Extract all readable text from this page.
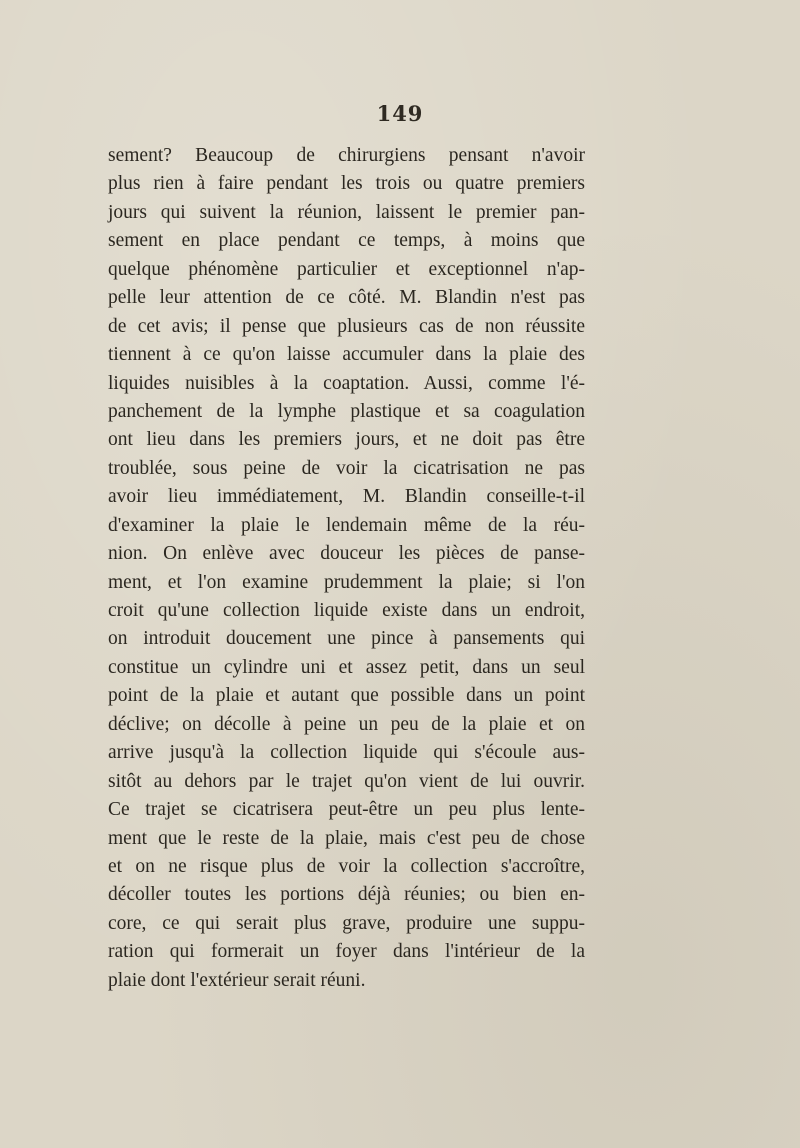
149
sement? Beaucoup de chirurgiens pensant n'avoir
plus rien à faire pendant les trois ou quatre premiers
jours qui suivent la réunion, laissent le premier pan-
sement en place pendant ce temps, à moins que
quelque phénomène particulier et exceptionnel n'ap-
pelle leur attention de ce côté. M. Blandin n'est pas
de cet avis; il pense que plusieurs cas de non réussite
tiennent à ce qu'on laisse accumuler dans la plaie des
liquides nuisibles à la coaptation. Aussi, comme l'é-
panchement de la lymphe plastique et sa coagulation
ont lieu dans les premiers jours, et ne doit pas être
troublée, sous peine de voir la cicatrisation ne pas
avoir lieu immédiatement, M. Blandin conseille-t-il
d'examiner la plaie le lendemain même de la réu-
nion. On enlève avec douceur les pièces de panse-
ment, et l'on examine prudemment la plaie; si l'on
croit qu'une collection liquide existe dans un endroit,
on introduit doucement une pince à pansements qui
constitue un cylindre uni et assez petit, dans un seul
point de la plaie et autant que possible dans un point
déclive; on décolle à peine un peu de la plaie et on
arrive jusqu'à la collection liquide qui s'écoule aus-
sitôt au dehors par le trajet qu'on vient de lui ouvrir.
Ce trajet se cicatrisera peut-être un peu plus lente-
ment que le reste de la plaie, mais c'est peu de chose
et on ne risque plus de voir la collection s'accroître,
décoller toutes les portions déjà réunies; ou bien en-
core, ce qui serait plus grave, produire une suppu-
ration qui formerait un foyer dans l'intérieur de la
plaie dont l'extérieur serait réuni.
